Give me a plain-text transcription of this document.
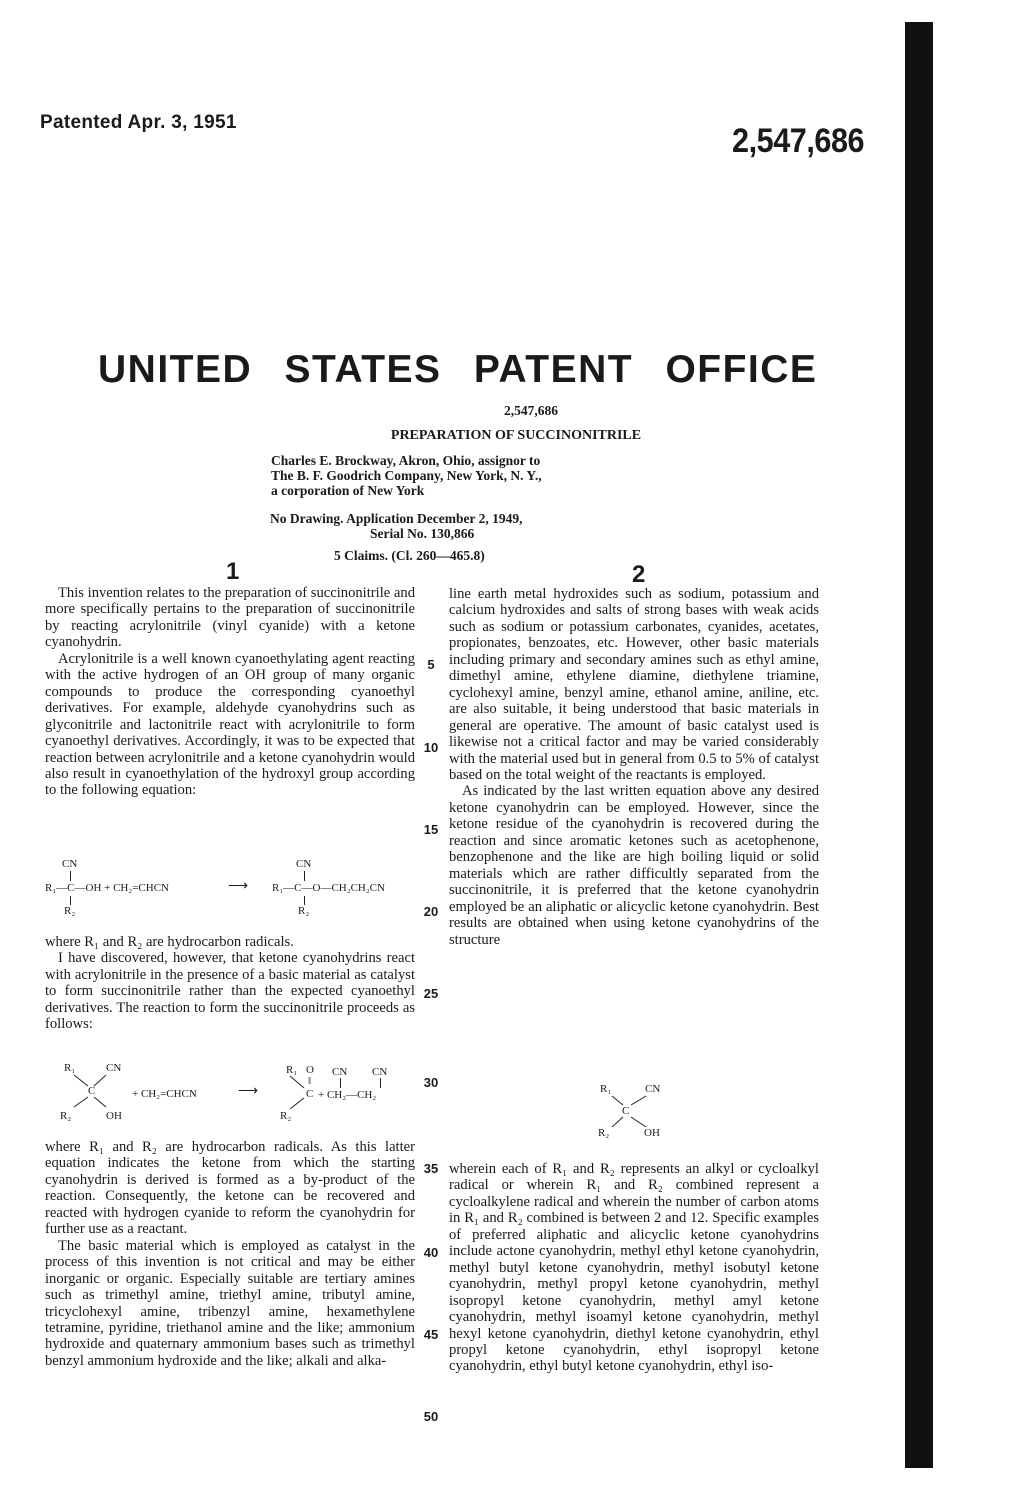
Patented Apr. 3, 1951	2,547,686
UNITED STATES PATENT OFFICE
2,547,686
PREPARATION OF SUCCINONITRILE
Charles E. Brockway, Akron, Ohio, assignor to
The B. F. Goodrich Company, New York, N. Y.,
a corporation of New York
No Drawing. Application December 2, 1949,
Serial No. 130,866
5 Claims. (Cl. 260—465.8)
1	2

This invention relates to the preparation of succinonitrile and more specifically pertains to the preparation of succinonitrile by reacting acrylonitrile (vinyl cyanide) with a ketone cyanohydrin.

Acrylonitrile is a well known cyanoethylating agent reacting with the active hydrogen of an OH group of many organic compounds to produce the corresponding cyanoethyl derivatives. For example, aldehyde cyanohydrins such as glyconitrile and lactonitrile react with acrylonitrile to form cyanoethyl derivatives. Accordingly, it was to be expected that reaction between acrylonitrile and a ketone cyanohydrin would also result in cyanoethylation of the hydroxyl group according to the following equation:

CN	CN
R₁—C—OH + CH₂=CHCN	⟶ R₁—C—O—CH₂CH₂CN
R₂	R₂

where R₁ and R₂ are hydrocarbon radicals.

I have discovered, however, that ketone cyanohydrins react with acrylonitrile in the presence of a basic material as catalyst to form succinonitrile rather than the expected cyanoethyl derivatives. The reaction to form the succinonitrile proceeds as follows:

R₁	CN
C	+ CH₂=CHCN	⟶
R₂	OH
R₁ O
‖
C
R₂
CN CN
+ CH₂—CH₂

where R₁ and R₂ are hydrocarbon radicals. As this latter equation indicates the ketone from which the starting cyanohydrin is derived is formed as a by-product of the reaction. Consequently, the ketone can be recovered and reacted with hydrogen cyanide to reform the cyanohydrin for further use as a reactant.

The basic material which is employed as catalyst in the process of this invention is not critical and may be either inorganic or organic. Especially suitable are tertiary amines such as trimethyl amine, triethyl amine, tributyl amine, tricyclohexyl amine, tribenzyl amine, hexamethylene tetramine, pyridine, triethanol amine and the like; ammonium hydroxide and quaternary ammonium bases such as trimethyl benzyl ammonium hydroxide and the like; alkali and alka-

5
10
15
20
25
30
35
40
45
50

line earth metal hydroxides such as sodium, potassium and calcium hydroxides and salts of strong bases with weak acids such as sodium or potassium carbonates, cyanides, acetates, propionates, benzoates, etc. However, other basic materials including primary and secondary amines such as ethyl amine, dimethyl amine, ethylene diamine, diethylene triamine, cyclohexyl amine, benzyl amine, ethanol amine, aniline, etc. are also suitable, it being understood that basic materials in general are operative. The amount of basic catalyst used is likewise not a critical factor and may be varied considerably with the material used but in general from 0.5 to 5% of catalyst based on the total weight of the reactants is employed.

As indicated by the last written equation above any desired ketone cyanohydrin can be employed. However, since the ketone residue of the cyanohydrin is recovered during the reaction and since aromatic ketones such as acetophenone, benzophenone and the like are high boiling liquid or solid materials which are rather difficultly separated from the succinonitrile, it is preferred that the ketone cyanohydrin employed be an aliphatic or alicyclic ketone cyanohydrin. Best results are obtained when using ketone cyanohydrins of the structure

R₁	CN
C
R₂	OH

wherein each of R₁ and R₂ represents an alkyl or cycloalkyl radical or wherein R₁ and R₂ combined represent a cycloalkylene radical and wherein the number of carbon atoms in R₁ and R₂ combined is between 2 and 12. Specific examples of preferred aliphatic and alicyclic ketone cyanohydrins include actone cyanohydrin, methyl ethyl ketone cyanohydrin, methyl butyl ketone cyanohydrin, methyl isobutyl ketone cyanohydrin, methyl propyl ketone cyanohydrin, methyl isopropyl ketone cyanohydrin, methyl amyl ketone cyanohydrin, methyl isoamyl ketone cyanohydrin, methyl hexyl ketone cyanohydrin, diethyl ketone cyanohydrin, ethyl propyl ketone cyanohydrin, ethyl isopropyl ketone cyanohydrin, ethyl butyl ketone cyanohydrin, ethyl iso-
